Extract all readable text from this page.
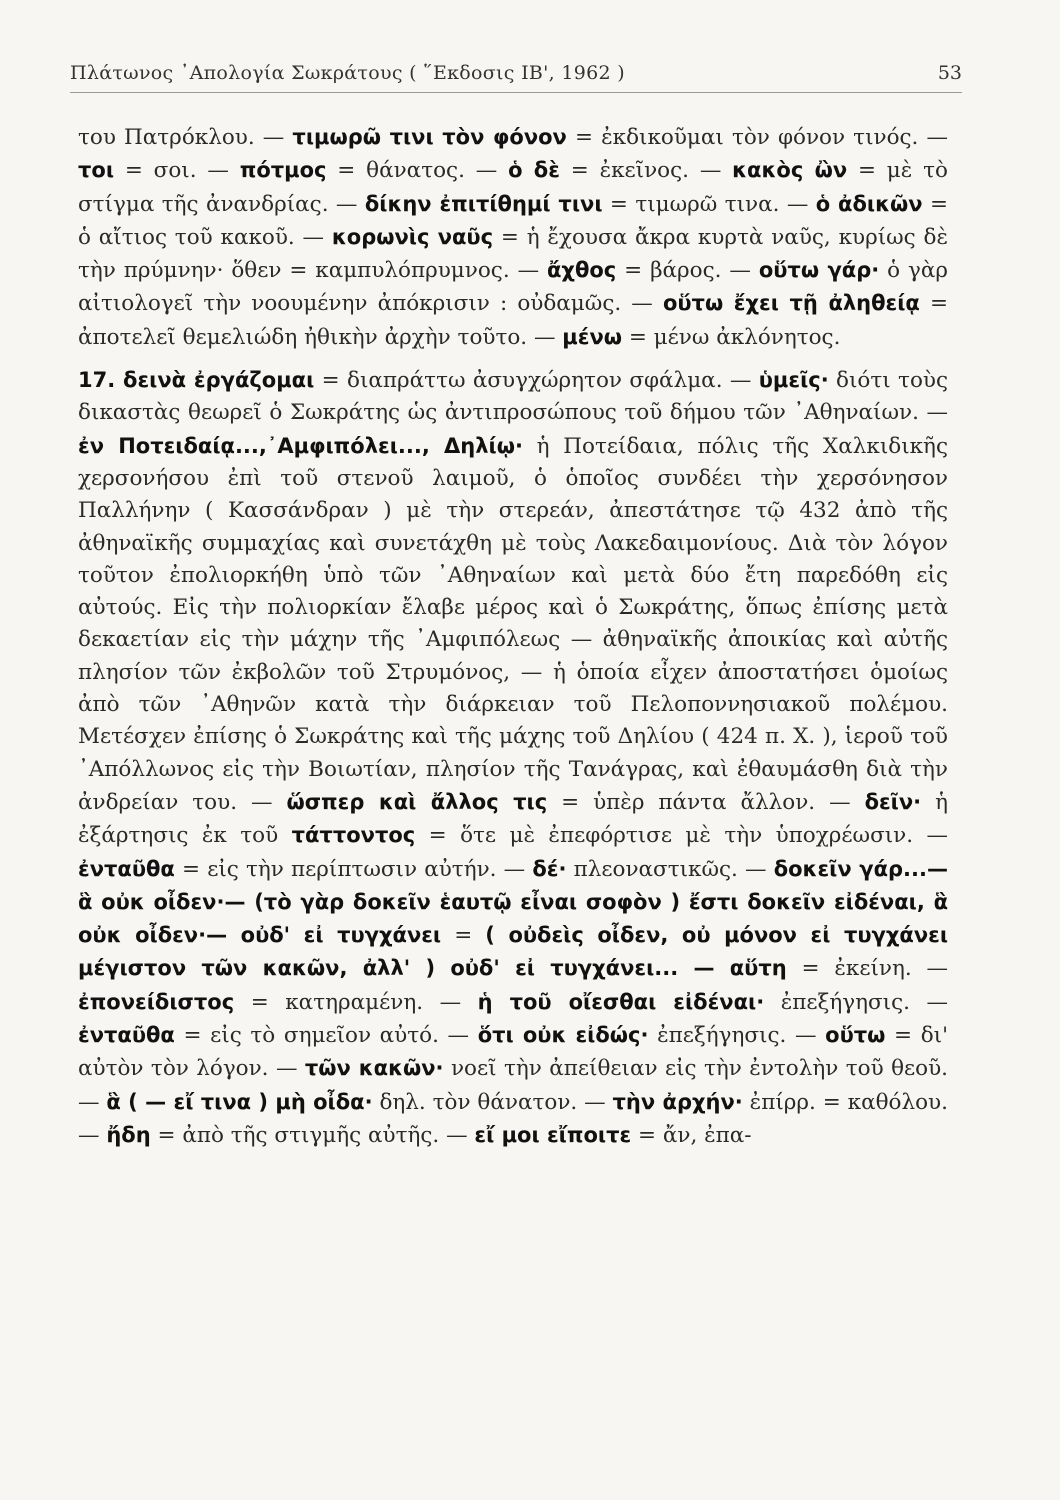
Πλάτωνος ᾿Απολογία Σωκράτους ( ῞Εκδοσις ΙΒ', 1962 )	53

του Πατρόκλου. — τιμωρῶ τινι τὸν φόνον = ἐκδικοῦμαι τὸν φόνον τινός. — τοι = σοι. — πότμος = θάνατος. — ὁ δὲ = ἐκεῖνος. — κακὸς ὢν = μὲ τὸ στίγμα τῆς ἀνανδρίας. — δίκην ἐπιτίθημί τινι = τιμωρῶ τινα. — ὁ ἀδικῶν = ὁ αἴτιος τοῦ κακοῦ. — κορωνὶς ναῦς = ἡ ἔχουσα ἄκρα κυρτὰ ναῦς, κυρίως δὲ τὴν πρύμνην· ὅθεν = καμπυλόπρυμνος. — ἄχθος = βάρος. — οὕτω γάρ· ὁ γὰρ αἰτιολογεῖ τὴν νοουμένην ἀπόκρισιν : οὐδαμῶς. — οὕτω ἔχει τῇ ἀληθείᾳ = ἀποτελεῖ θεμελιώδη ἠθικὴν ἀρχὴν τοῦτο. — μένω = μένω ἀκλόνητος.

17. δεινὰ ἐργάζομαι = διαπράττω ἀσυγχώρητον σφάλμα. — ὑμεῖς· διότι τοὺς δικαστὰς θεωρεῖ ὁ Σωκράτης ὡς ἀντιπροσώπους τοῦ δήμου τῶν ᾿Αθηναίων. — ἐν Ποτειδαίᾳ...,᾿Αμφιπόλει..., Δηλίῳ· ἡ Ποτείδαια, πόλις τῆς Χαλκιδικῆς χερσονήσου ἐπὶ τοῦ στενοῦ λαιμοῦ, ὁ ὁποῖος συνδέει τὴν χερσόνησον Παλλήνην ( Κασσάνδραν ) μὲ τὴν στερεάν, ἀπεστάτησε τῷ 432 ἀπὸ τῆς ἀθηναϊκῆς συμμαχίας καὶ συνετάχθη μὲ τοὺς Λακεδαιμονίους. Διὰ τὸν λόγον τοῦτον ἐπολιορκήθη ὑπὸ τῶν ᾿Αθηναίων καὶ μετὰ δύο ἔτη παρεδόθη εἰς αὐτούς. Εἰς τὴν πολιορκίαν ἔλαβε μέρος καὶ ὁ Σωκράτης, ὅπως ἐπίσης μετὰ δεκαετίαν εἰς τὴν μάχην τῆς ᾿Αμφιπόλεως — ἀθηναϊκῆς ἀποικίας καὶ αὐτῆς πλησίον τῶν ἐκβολῶν τοῦ Στρυμόνος, — ἡ ὁποία εἶχεν ἀποστατήσει ὁμοίως ἀπὸ τῶν ᾿Αθηνῶν κατὰ τὴν διάρκειαν τοῦ Πελοποννησιακοῦ πολέμου. Μετέσχεν ἐπίσης ὁ Σωκράτης καὶ τῆς μάχης τοῦ Δηλίου ( 424 π. Χ. ), ἱεροῦ τοῦ ᾿Απόλλωνος εἰς τὴν Βοιωτίαν, πλησίον τῆς Τανάγρας, καὶ ἐθαυμάσθη διὰ τὴν ἀνδρείαν του. — ὥσπερ καὶ ἄλλος τις = ὑπὲρ πάντα ἄλλον. — δεῖν· ἡ ἐξάρτησις ἐκ τοῦ τάττοντος = ὅτε μὲ ἐπεφόρτισε μὲ τὴν ὑποχρέωσιν. — ἐνταῦθα = εἰς τὴν περίπτωσιν αὐτήν. — δέ· πλεοναστικῶς. — δοκεῖν γάρ...—ἃ οὐκ οἶδεν·— (τὸ γὰρ δοκεῖν ἑαυτῷ εἶναι σοφὸν ) ἔστι δοκεῖν εἰδέναι, ἃ οὐκ οἶδεν·— οὐδ' εἰ τυγχάνει = ( οὐδεὶς οἶδεν, οὐ μόνον εἰ τυγχάνει μέγιστον τῶν κακῶν, ἀλλ' ) οὐδ' εἰ τυγχάνει... — αὕτη = ἐκείνη. — ἐπονείδιστος = κατηραμένη. — ἡ τοῦ οἴεσθαι εἰδέναι· ἐπεξήγησις. — ἐνταῦθα = εἰς τὸ σημεῖον αὐτό. — ὅτι οὐκ εἰδώς· ἐπεξήγησις. — οὕτω = δι' αὐτὸν τὸν λόγον. — τῶν κακῶν· νοεῖ τὴν ἀπείθειαν εἰς τὴν ἐντολὴν τοῦ θεοῦ. — ἃ ( — εἴ τινα ) μὴ οἶδα· δηλ. τὸν θάνατον. — τὴν ἀρχήν· ἐπίρρ. = καθόλου. — ἤδη = ἀπὸ τῆς στιγμῆς αὐτῆς. — εἴ μοι εἴποιτε = ἄν, ἐπα-
